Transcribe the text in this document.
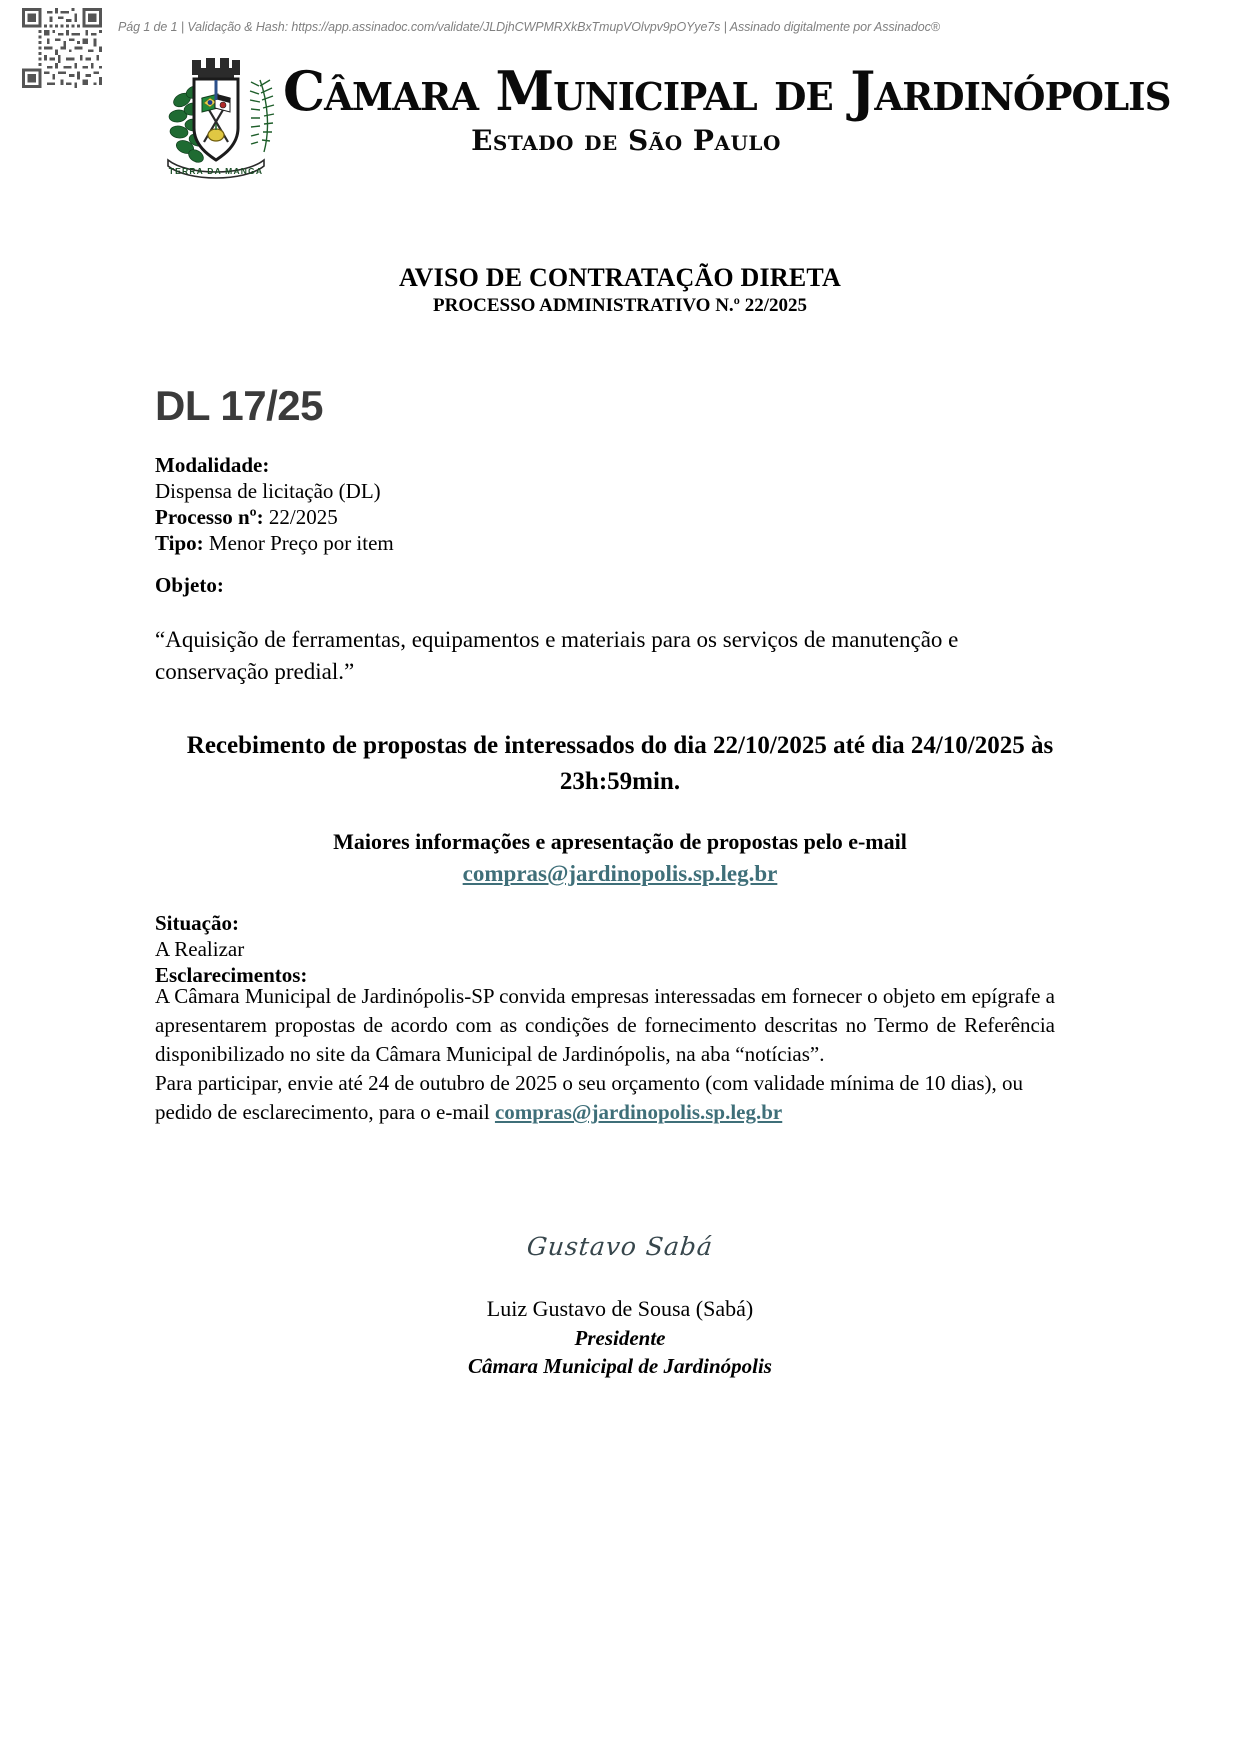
Pág 1 de 1 | Validação & Hash: https://app.assinadoc.com/validate/JLDjhCWPMRXkBxTmupVOlvpv9pOYye7s | Assinado digitalmente por Assinadoc®
TERRA DA MANGA
Câmara Municipal de Jardinópolis
Estado de São Paulo
AVISO DE CONTRATAÇÃO DIRETA
PROCESSO ADMINISTRATIVO N.º 22/2025
DL 17/25
Modalidade:
Dispensa de licitação (DL)
Processo nº: 22/2025
Tipo: Menor Preço por item
Objeto:
“Aquisição de ferramentas, equipamentos e materiais para os serviços de manutenção e conservação predial.”
Recebimento de propostas de interessados do dia 22/10/2025 até dia 24/10/2025 às 23h:59min.
Maiores informações e apresentação de propostas pelo e-mail
compras@jardinopolis.sp.leg.br
Situação:
A Realizar
Esclarecimentos:

A Câmara Municipal de Jardinópolis-SP convida empresas interessadas em fornecer o objeto em epígrafe a apresentarem propostas de acordo com as condições de fornecimento descritas no Termo de Referência disponibilizado no site da Câmara Municipal de Jardinópolis, na aba “notícias”.

Para participar, envie até 24 de outubro de 2025 o seu orçamento (com validade mínima de 10 dias), ou pedido de esclarecimento, para o e-mail compras@jardinopolis.sp.leg.br

Gustavo Sabá
Luiz Gustavo de Sousa (Sabá)
Presidente
Câmara Municipal de Jardinópolis
